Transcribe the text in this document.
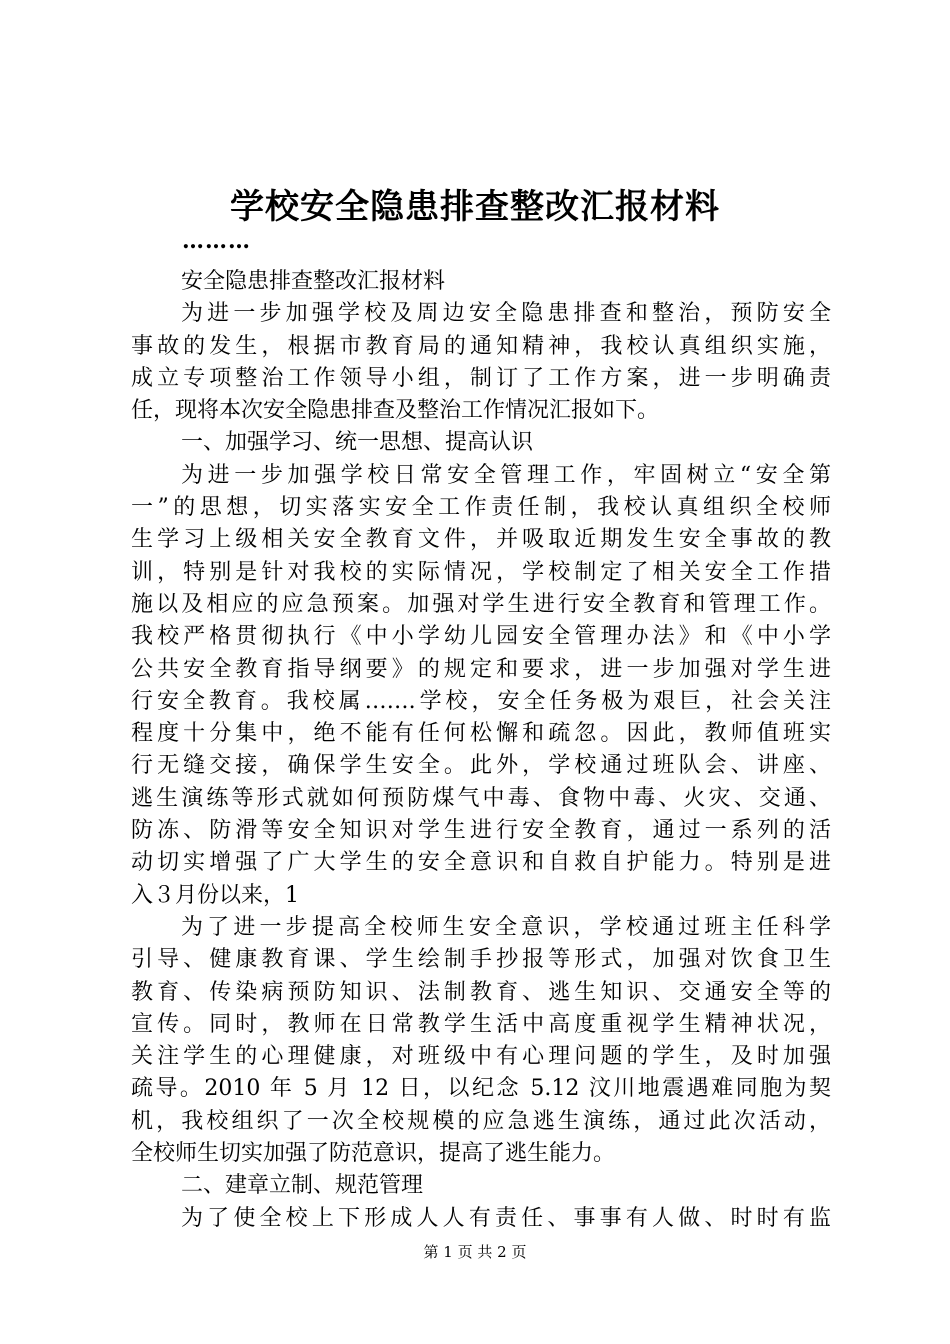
学校安全隐患排查整改汇报材料
………
安全隐患排查整改汇报材料
为进一步加强学校及周边安全隐患排查和整治，预防安全
事故的发生，根据市教育局的通知精神，我校认真组织实施，
成立专项整治工作领导小组，制订了工作方案，进一步明确责
任，现将本次安全隐患排查及整治工作情况汇报如下。
一、加强学习、统一思想、提高认识
为进一步加强学校日常安全管理工作，牢固树立“安全第
一”的思想，切实落实安全工作责任制，我校认真组织全校师
生学习上级相关安全教育文件，并吸取近期发生安全事故的教
训，特别是针对我校的实际情况，学校制定了相关安全工作措
施以及相应的应急预案。加强对学生进行安全教育和管理工作。
我校严格贯彻执行《中小学幼儿园安全管理办法》和《中小学
公共安全教育指导纲要》的规定和要求，进一步加强对学生进
行安全教育。我校属…….学校，安全任务极为艰巨，社会关注
程度十分集中，绝不能有任何松懈和疏忽。因此，教师值班实
行无缝交接，确保学生安全。此外，学校通过班队会、讲座、
逃生演练等形式就如何预防煤气中毒、食物中毒、火灾、交通、
防冻、防滑等安全知识对学生进行安全教育，通过一系列的活
动切实增强了广大学生的安全意识和自救自护能力。特别是进
入３月份以来，1
为了进一步提高全校师生安全意识，学校通过班主任科学
引导、健康教育课、学生绘制手抄报等形式，加强对饮食卫生
教育、传染病预防知识、法制教育、逃生知识、交通安全等的
宣传。同时，教师在日常教学生活中高度重视学生精神状况，
关注学生的心理健康，对班级中有心理问题的学生，及时加强
疏导。2010 年 5 月 12 日，以纪念 5.12 汶川地震遇难同胞为契
机，我校组织了一次全校规模的应急逃生演练，通过此次活动，
全校师生切实加强了防范意识，提高了逃生能力。
二、建章立制、规范管理
为了使全校上下形成人人有责任、事事有人做、时时有监
第 1 页 共 2 页
